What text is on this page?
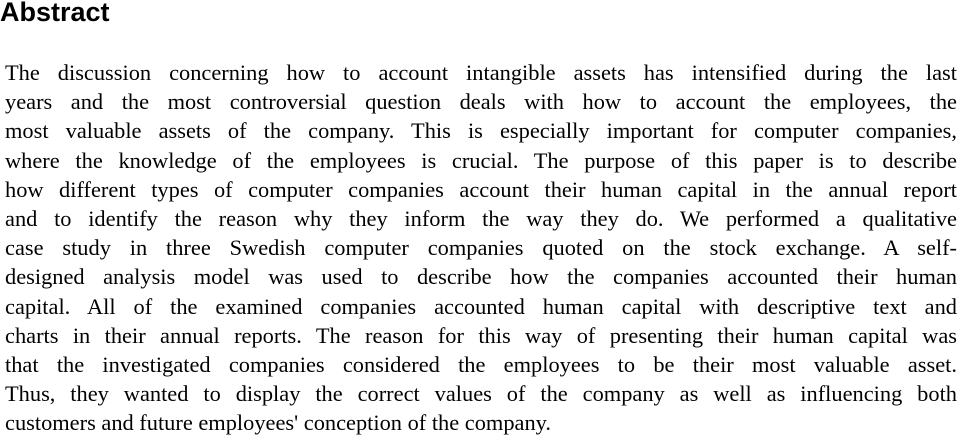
Abstract
The discussion concerning how to account intangible assets has intensified during the last
years and the most controversial question deals with how to account the employees, the
most valuable assets of the company. This is especially important for computer companies,
where the knowledge of the employees is crucial. The purpose of this paper is to describe
how different types of computer companies account their human capital in the annual report
and to identify the reason why they inform the way they do. We performed a qualitative
case study in three Swedish computer companies quoted on the stock exchange. A self-
designed analysis model was used to describe how the companies accounted their human
capital. All of the examined companies accounted human capital with descriptive text and
charts in their annual reports. The reason for this way of presenting their human capital was
that the investigated companies considered the employees to be their most valuable asset.
Thus, they wanted to display the correct values of the company as well as influencing both
customers and future employees' conception of the company.
